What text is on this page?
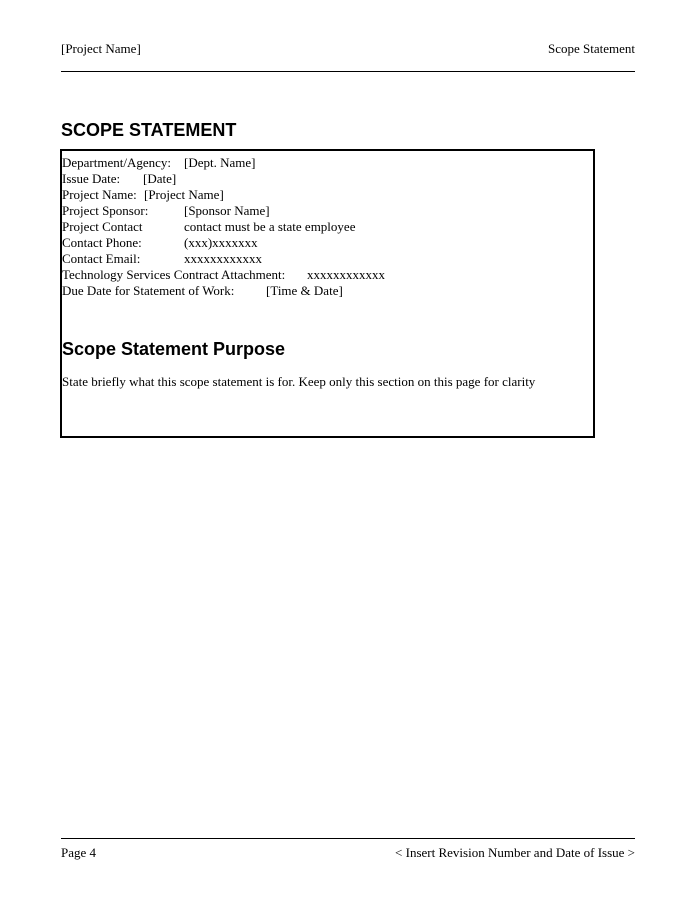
[Project Name]	Scope Statement
SCOPE STATEMENT
Department/Agency: [Dept. Name]
Issue Date: [Date]
Project Name: [Project Name]
Project Sponsor:	[Sponsor Name]
Project Contact	contact must be a state employee
Contact Phone:	(xxx)xxxxxxx
Contact Email:	xxxxxxxxxxxx
Technology Services Contract Attachment: xxxxxxxxxxxx
Due Date for Statement of Work: [Time & Date]
Scope Statement Purpose
State briefly what this scope statement is for. Keep only this section on this page for clarity
Page 4	< Insert Revision Number and Date of Issue >
